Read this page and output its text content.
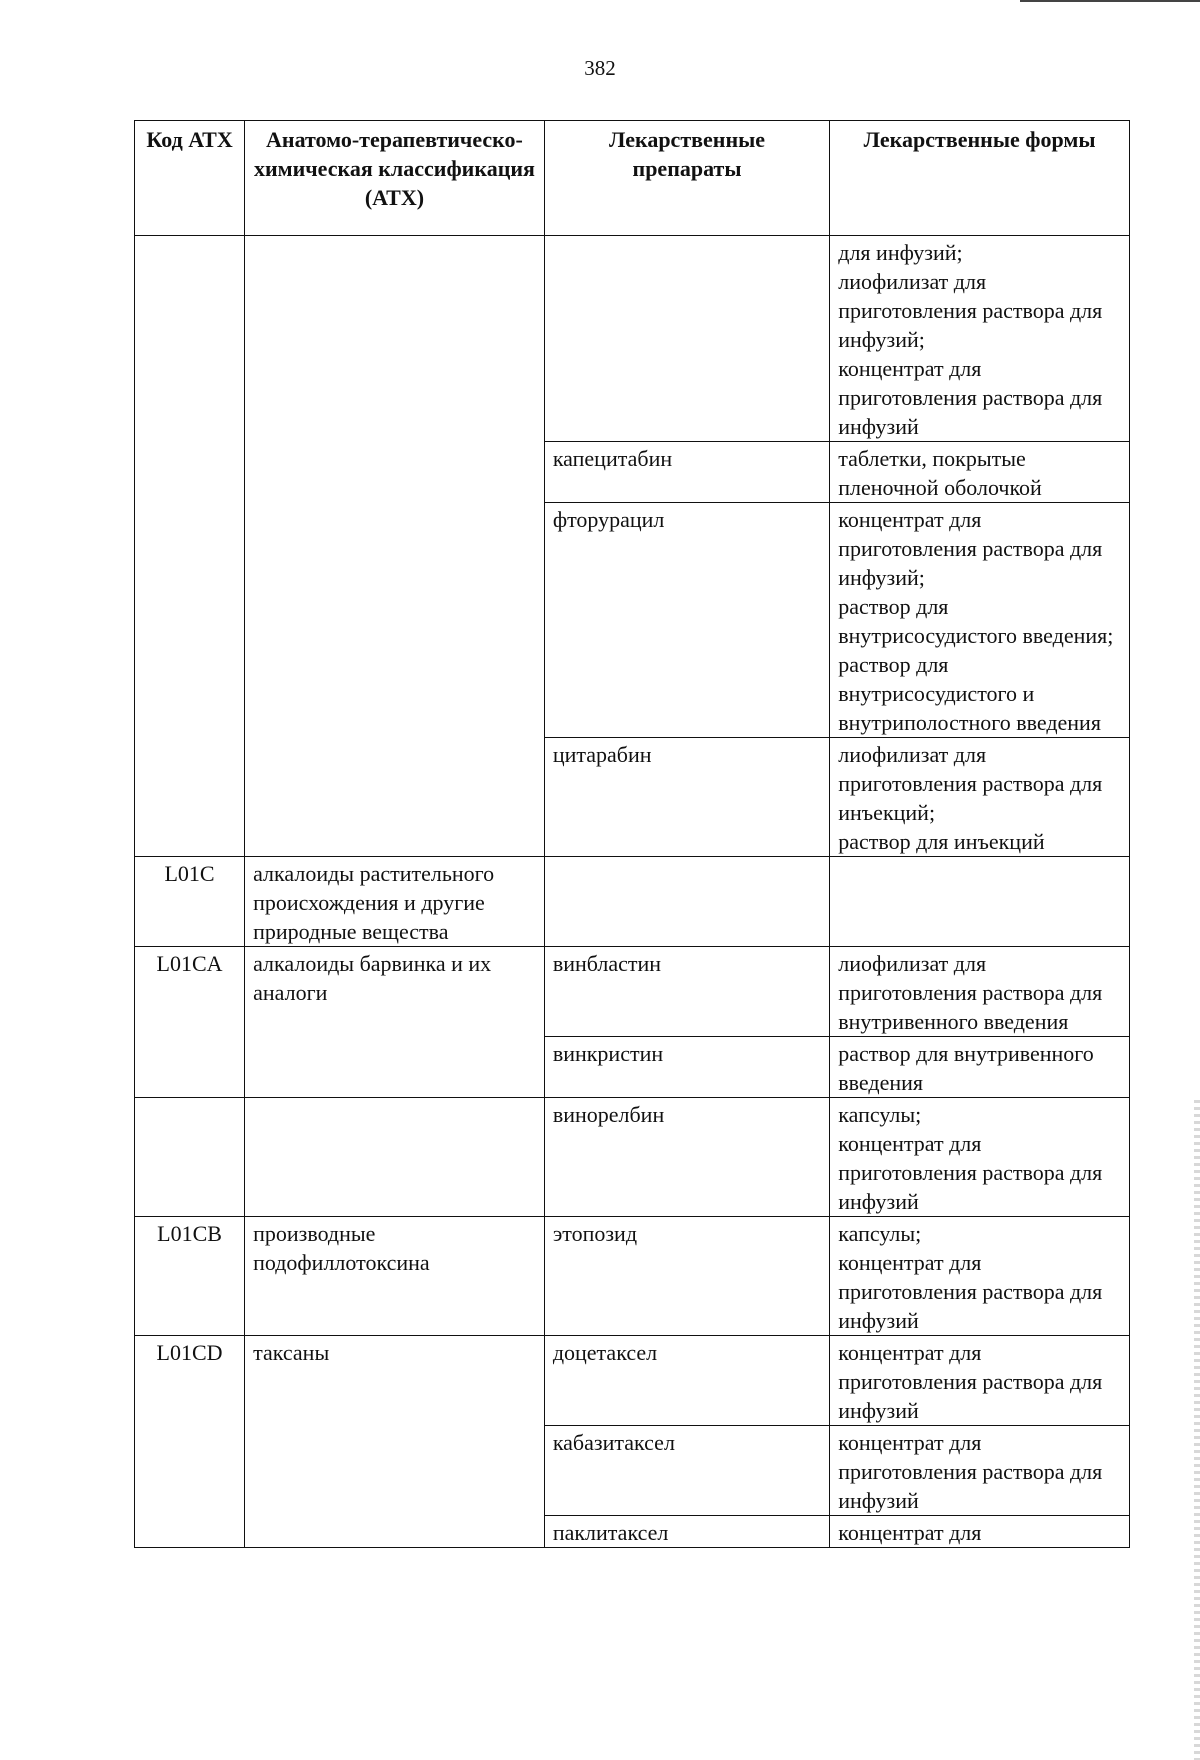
382
Код АТХ	Анатомо-терапевтическо-химическая классификация (АТХ)	Лекарственные препараты	Лекарственные формы

			для инфузий;
лиофилизат для приготовления раствора для инфузий;
концентрат для приготовления раствора для инфузий

		капецитабин	таблетки, покрытые пленочной оболочкой

		фторурацил	концентрат для приготовления раствора для инфузий;
раствор для внутрисосудистого введения;
раствор для внутрисосудистого и внутриполостного введения

		цитарабин	лиофилизат для приготовления раствора для инъекций;
раствор для инъекций

L01C	алкалоиды растительного происхождения и другие природные вещества		
L01CA	алкалоиды барвинка и их аналоги	винбластин	лиофилизат для приготовления раствора для внутривенного введения

		винкристин	раствор для внутривенного введения

		винорелбин	капсулы;
концентрат для приготовления раствора для инфузий

L01CB	производные подофиллотоксина	этопозид	капсулы;
концентрат для приготовления раствора для инфузий

L01CD	таксаны	доцетаксел	концентрат для приготовления раствора для инфузий

		кабазитаксел	концентрат для приготовления раствора для инфузий

		паклитаксел	концентрат для
